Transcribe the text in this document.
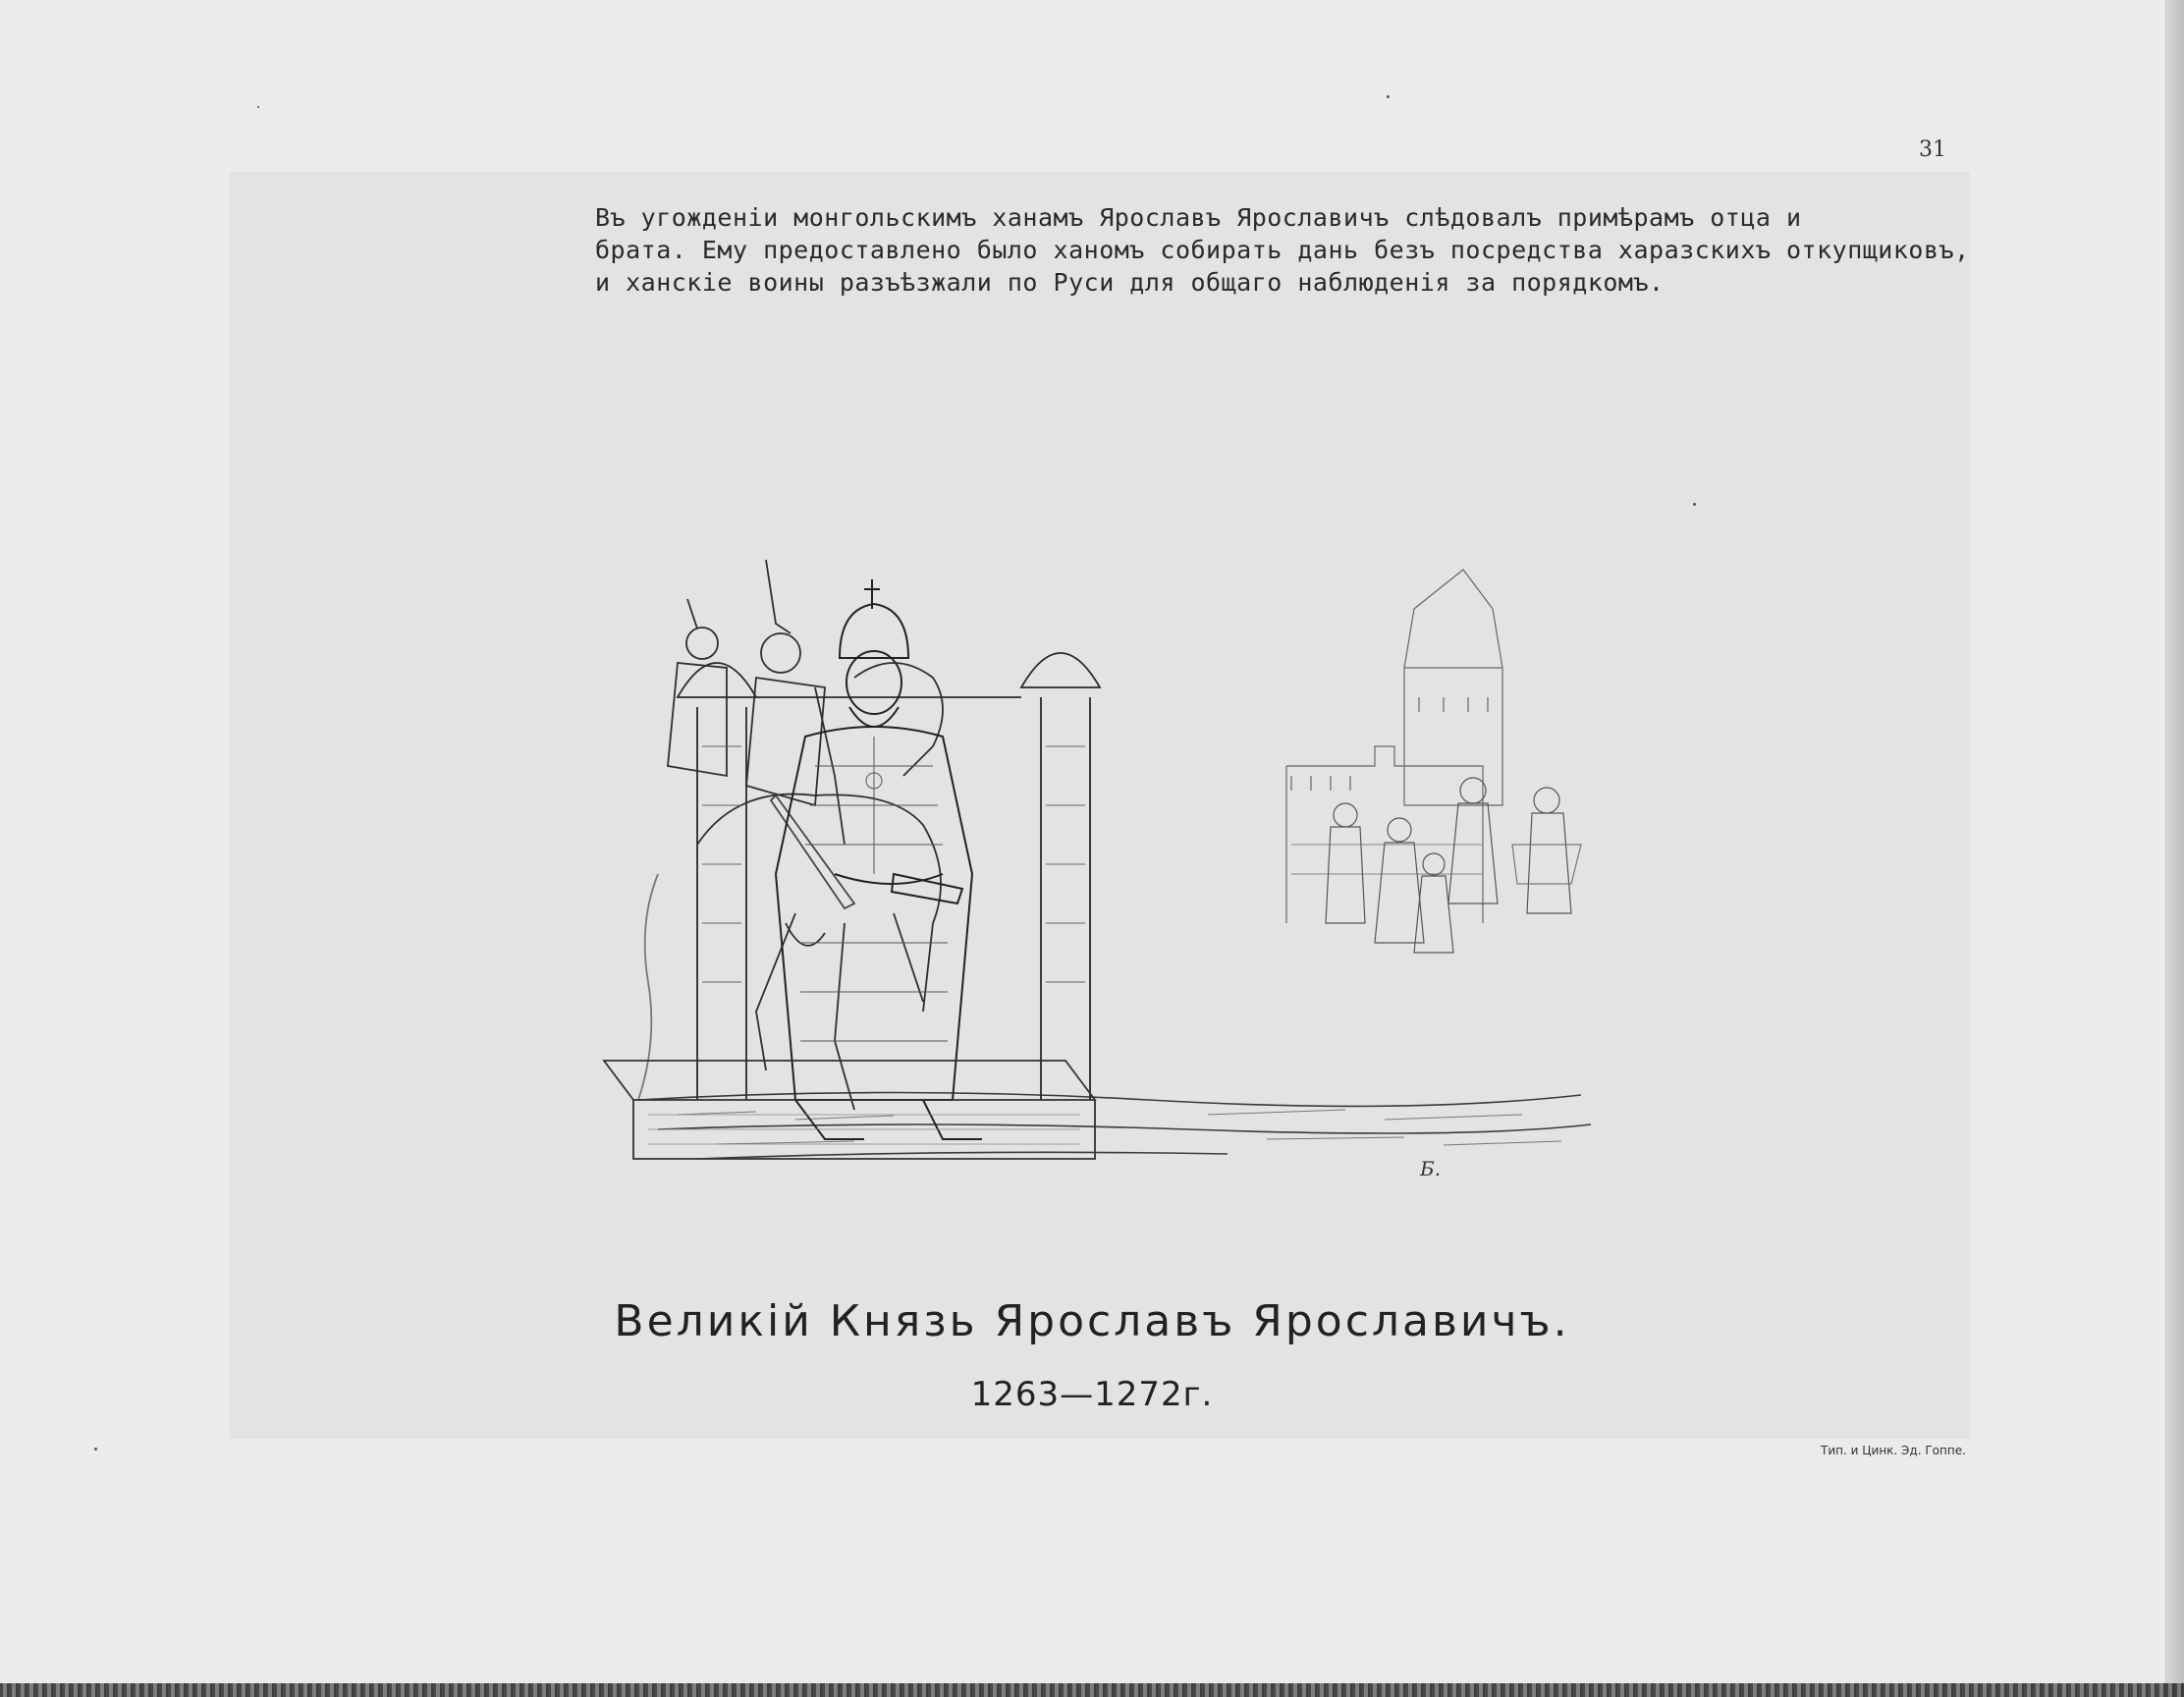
31
Въ угожденіи монгольскимъ ханамъ Ярославъ Ярославичъ слѣдовалъ примѣрамъ отца и
брата. Ему предоставлено было ханомъ собирать дань безъ посредства харазскихъ откупщиковъ,
и ханскіе воины разъѣзжали по Руси для общаго наблюденія за порядкомъ.
Б.
Великій Князь Ярославъ Ярославичъ.
1263—1272г.
Тип. и Цинк. Эд. Гоппе.
